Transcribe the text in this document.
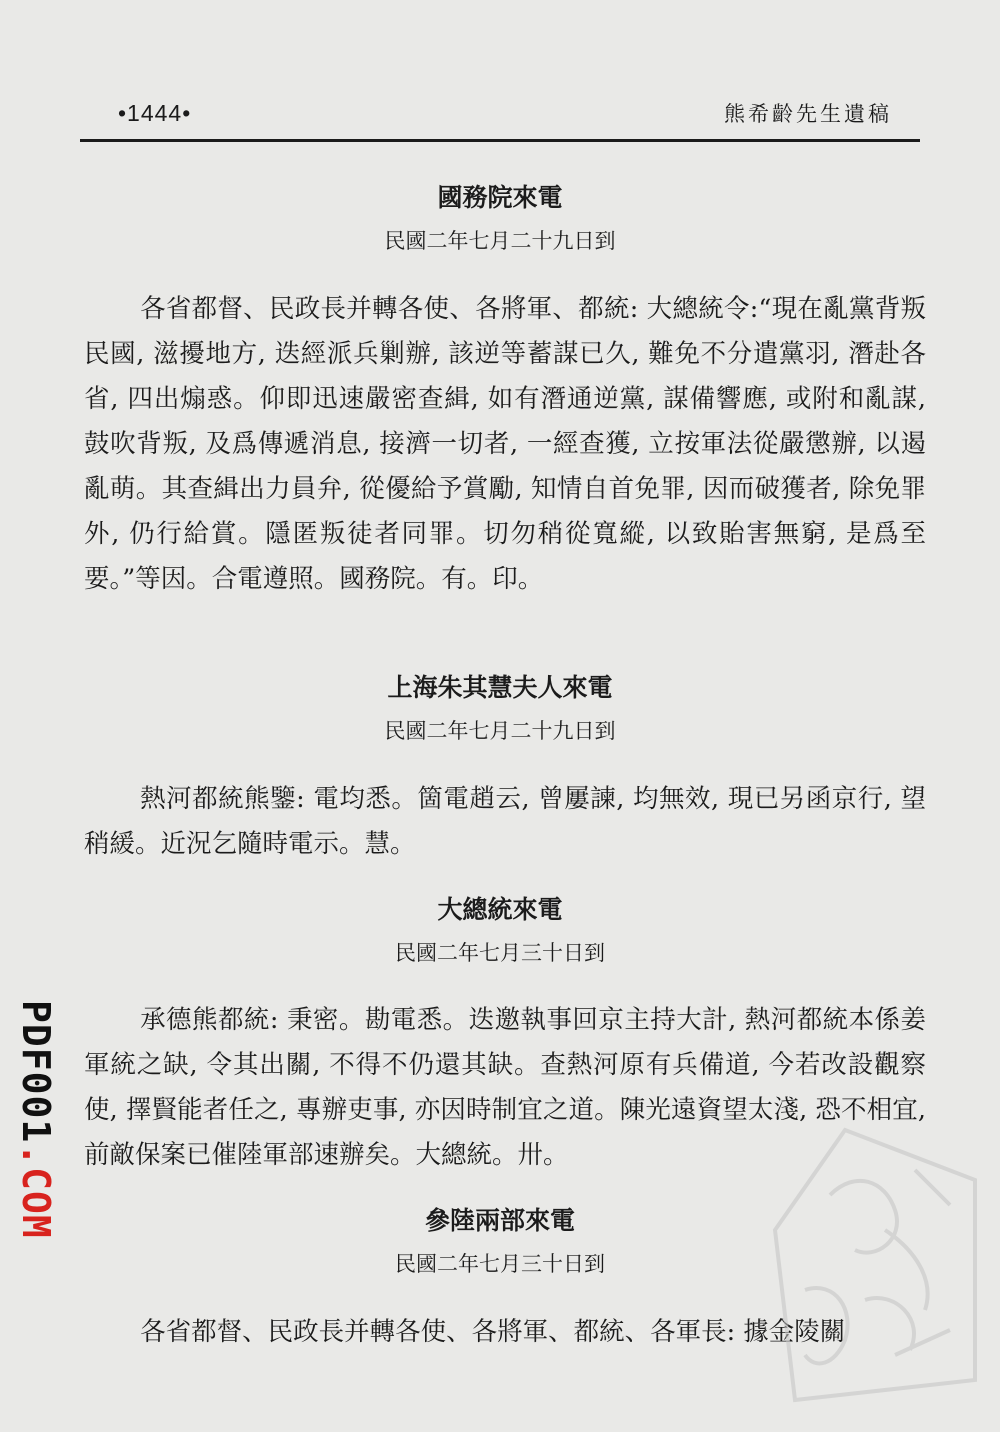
•1444•	熊希齡先生遺稿
國務院來電
民國二年七月二十九日到

各省都督、民政長并轉各使、各將軍、都統: 大總統令:“現在亂黨背叛民國, 滋擾地方, 迭經派兵剿辦, 該逆等蓄謀已久, 難免不分遣黨羽, 潛赴各省, 四出煽惑。仰即迅速嚴密查緝, 如有潛通逆黨, 謀備響應, 或附和亂謀, 鼓吹背叛, 及爲傳遞消息, 接濟一切者, 一經查獲, 立按軍法從嚴懲辦, 以遏亂萌。其查緝出力員弁, 從優給予賞勵, 知情自首免罪, 因而破獲者, 除免罪外, 仍行給賞。隱匿叛徒者同罪。切勿稍從寬縱, 以致貽害無窮, 是爲至要。”等因。合電遵照。國務院。有。印。

上海朱其慧夫人來電
民國二年七月二十九日到

熱河都統熊鑒: 電均悉。箇電趙云, 曾屢諫, 均無效, 現已另函京行, 望稍緩。近況乞隨時電示。慧。

大總統來電
民國二年七月三十日到

承德熊都統: 秉密。勘電悉。迭邀執事回京主持大計, 熱河都統本係姜軍統之缺, 令其出關, 不得不仍還其缺。查熱河原有兵備道, 今若改設觀察使, 擇賢能者任之, 專辦吏事, 亦因時制宜之道。陳光遠資望太淺, 恐不相宜, 前敵保案已催陸軍部速辦矣。大總統。卅。

參陸兩部來電
民國二年七月三十日到

各省都督、民政長并轉各使、各將軍、都統、各軍長: 據金陵關

PDF001.COM
